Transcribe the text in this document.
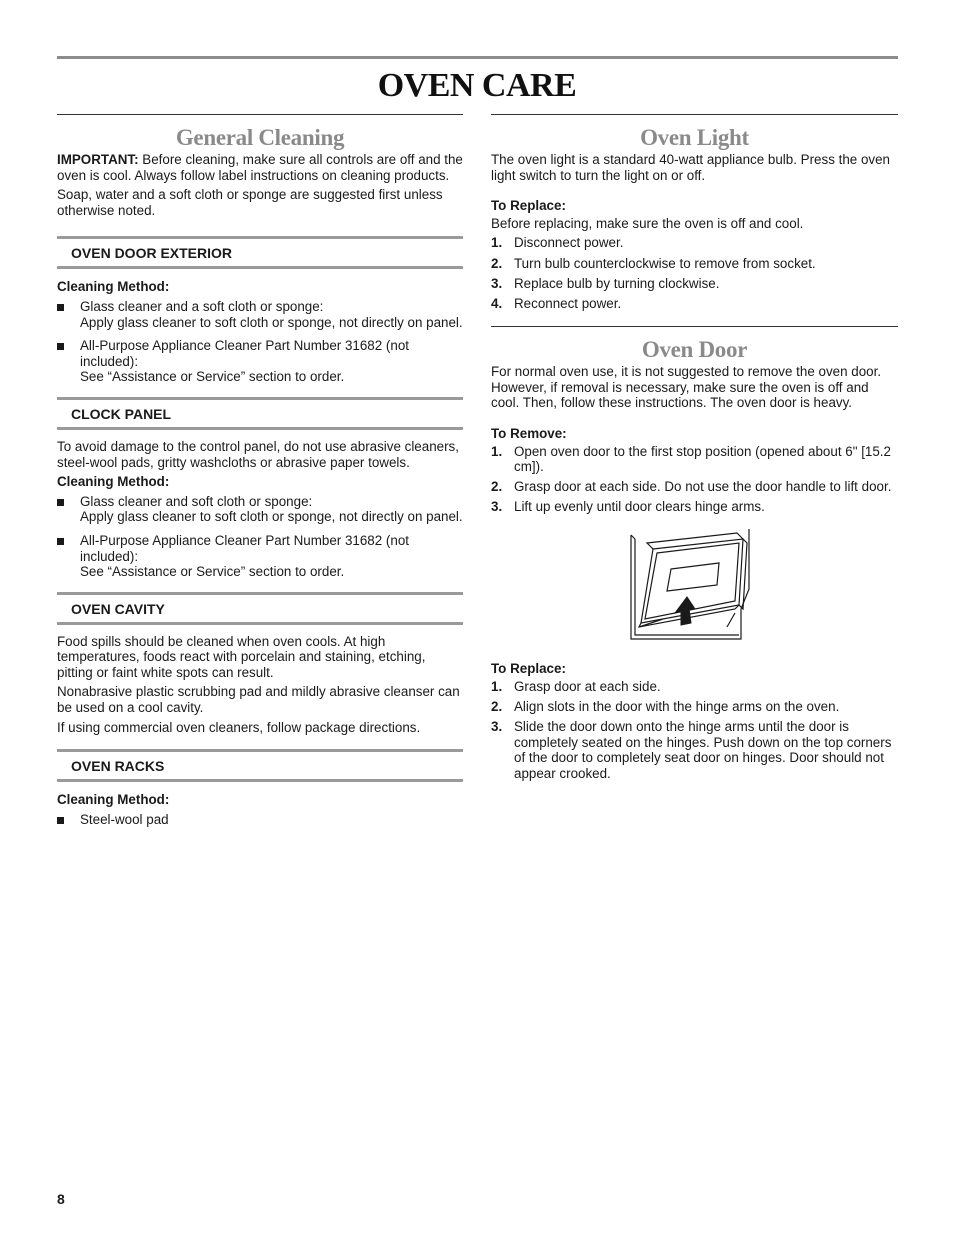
OVEN CARE
General Cleaning

IMPORTANT: Before cleaning, make sure all controls are off and the oven is cool. Always follow label instructions on cleaning products.

Soap, water and a soft cloth or sponge are suggested first unless otherwise noted.

OVEN DOOR EXTERIOR
Cleaning Method:
Glass cleaner and a soft cloth or sponge:
Apply glass cleaner to soft cloth or sponge, not directly on panel.
All-Purpose Appliance Cleaner Part Number 31682 (not included):
See “Assistance or Service” section to order.
CLOCK PANEL

To avoid damage to the control panel, do not use abrasive cleaners, steel-wool pads, gritty washcloths or abrasive paper towels.

Cleaning Method:
Glass cleaner and soft cloth or sponge:
Apply glass cleaner to soft cloth or sponge, not directly on panel.
All-Purpose Appliance Cleaner Part Number 31682 (not included):
See “Assistance or Service” section to order.
OVEN CAVITY

Food spills should be cleaned when oven cools. At high temperatures, foods react with porcelain and staining, etching, pitting or faint white spots can result.

Nonabrasive plastic scrubbing pad and mildly abrasive cleanser can be used on a cool cavity.

If using commercial oven cleaners, follow package directions.

OVEN RACKS
Cleaning Method:
Steel-wool pad
Oven Light

The oven light is a standard 40-watt appliance bulb. Press the oven light switch to turn the light on or off.

To Replace:

Before replacing, make sure the oven is off and cool.

1. Disconnect power.
2. Turn bulb counterclockwise to remove from socket.
3. Replace bulb by turning clockwise.
4. Reconnect power.
Oven Door

For normal oven use, it is not suggested to remove the oven door. However, if removal is necessary, make sure the oven is off and cool. Then, follow these instructions. The oven door is heavy.

To Remove:
1. Open oven door to the first stop position (opened about 6" [15.2 cm]).
2. Grasp door at each side. Do not use the door handle to lift door.
3. Lift up evenly until door clears hinge arms.
To Replace:
1. Grasp door at each side.
2. Align slots in the door with the hinge arms on the oven.
3. Slide the door down onto the hinge arms until the door is completely seated on the hinges. Push down on the top corners of the door to completely seat door on hinges. Door should not appear crooked.
8
